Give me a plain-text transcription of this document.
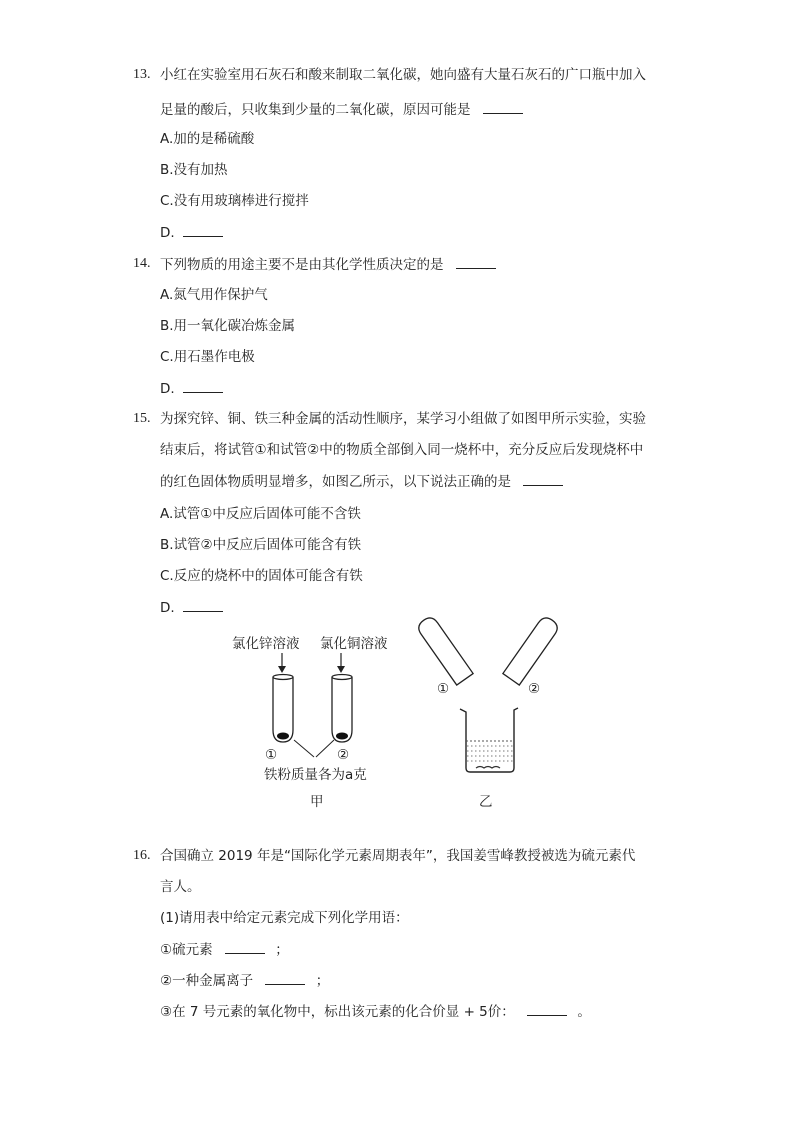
13. 小红在实验室用石灰石和酸来制取二氧化碳，她向盛有大量石灰石的广口瓶中加入
足量的酸后，只收集到少量的二氧化碳，原因可能是
A.加的是稀硫酸
B.没有加热
C.没有用玻璃棒进行搅拌
D.
14. 下列物质的用途主要不是由其化学性质决定的是
A.氮气用作保护气
B.用一氧化碳冶炼金属
C.用石墨作电极
D.
15. 为探究锌、铜、铁三种金属的活动性顺序，某学习小组做了如图甲所示实验，实验
结束后，将试管①和试管②中的物质全部倒入同一烧杯中，充分反应后发现烧杯中
的红色固体物质明显增多，如图乙所示，以下说法正确的是
A.试管①中反应后固体可能不含铁
B.试管②中反应后固体可能含有铁
C.反应的烧杯中的固体可能含有铁
D.
氯化锌溶液 氯化铜溶液
①	②
铁粉质量各为a克
甲
①	②
乙
16. 合国确立 2019 年是“国际化学元素周期表年”，我国姜雪峰教授被选为硫元素代
言人。
(1)请用表中给定元素完成下列化学用语：
①硫元素	；
②一种金属离子	；
③在 7 号元素的氧化物中，标出该元素的化合价显 + 5价：	。
